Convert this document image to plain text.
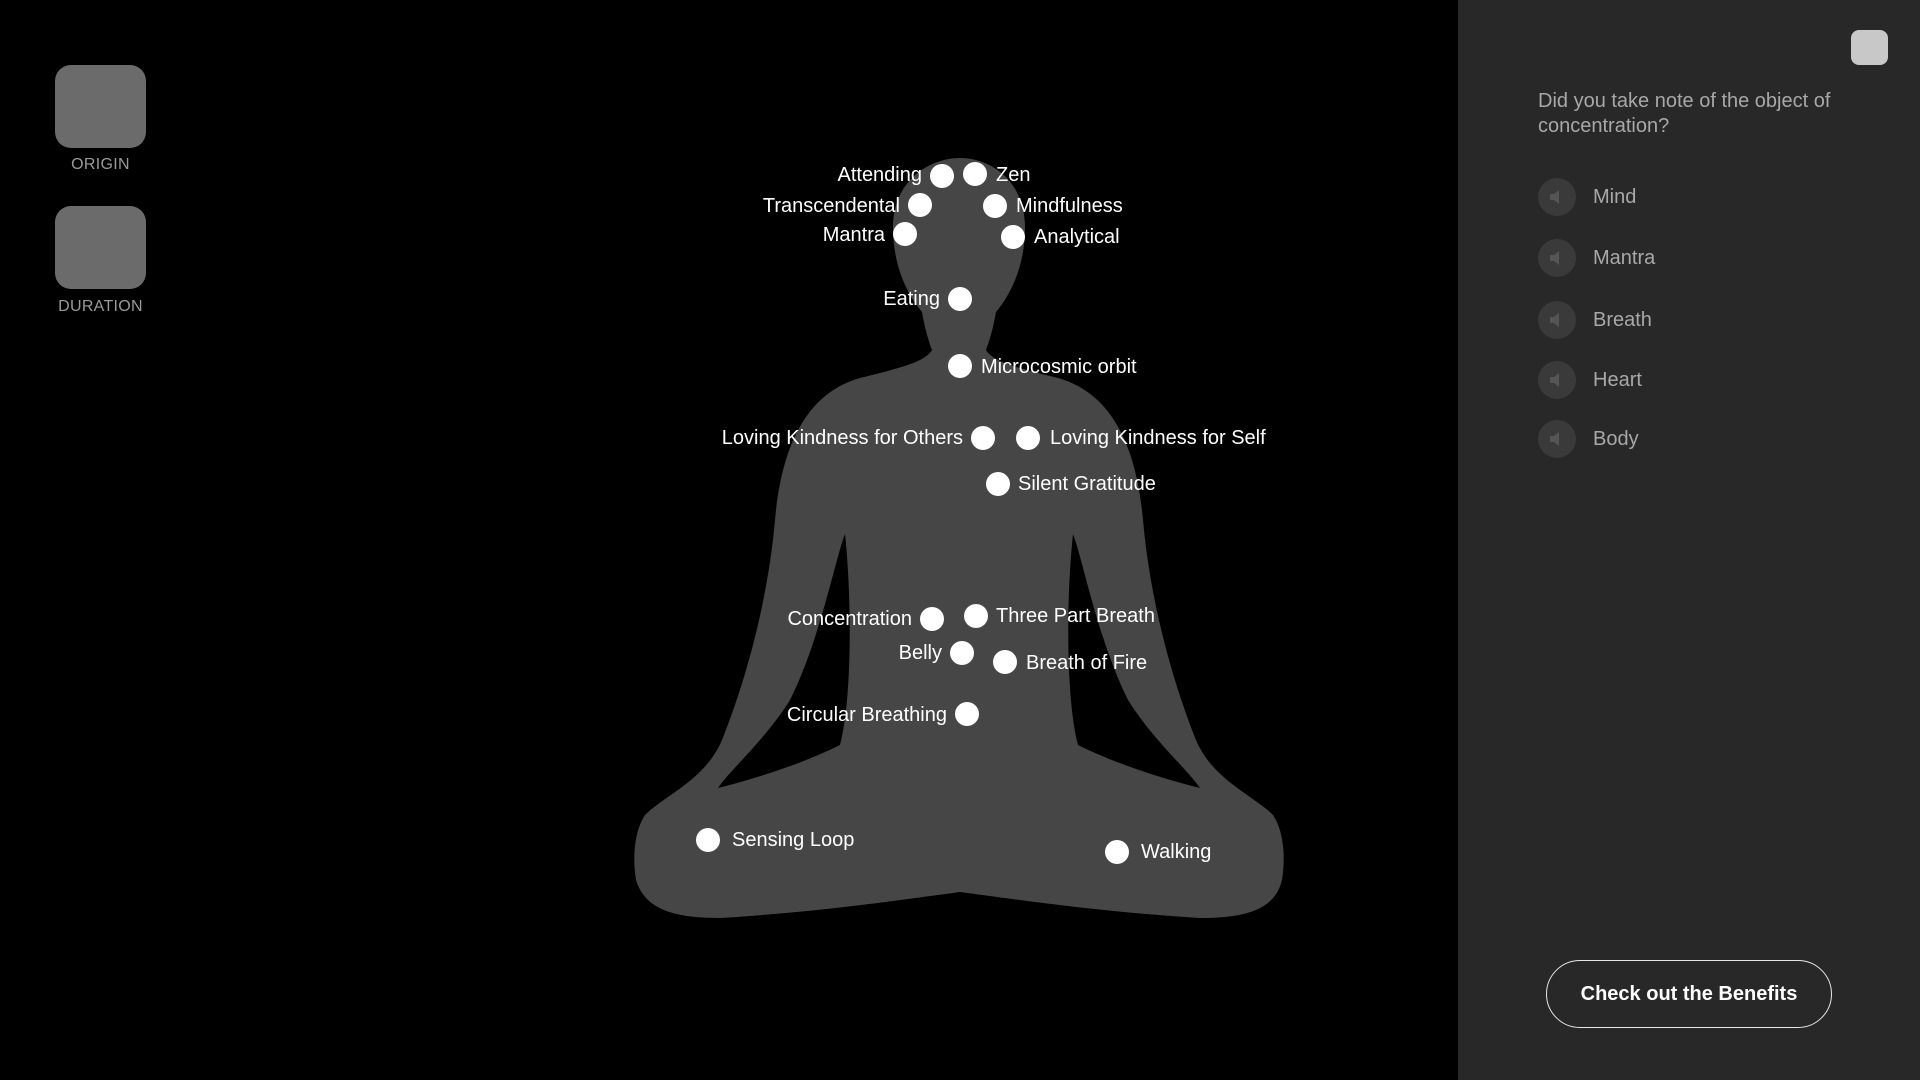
ORIGIN
DURATION
Attending	Zen
Transcendental	Mindfulness
Mantra	Analytical
Eating
Microcosmic orbit
Loving Kindness for Others	Loving Kindness for Self
Silent Gratitude
Concentration	Three Part Breath
Belly	Breath of Fire
Circular Breathing
Sensing Loop
Walking
Did you take note of the object of concentration?
Mind
Mantra
Breath
Heart
Body
Check out the Benefits
